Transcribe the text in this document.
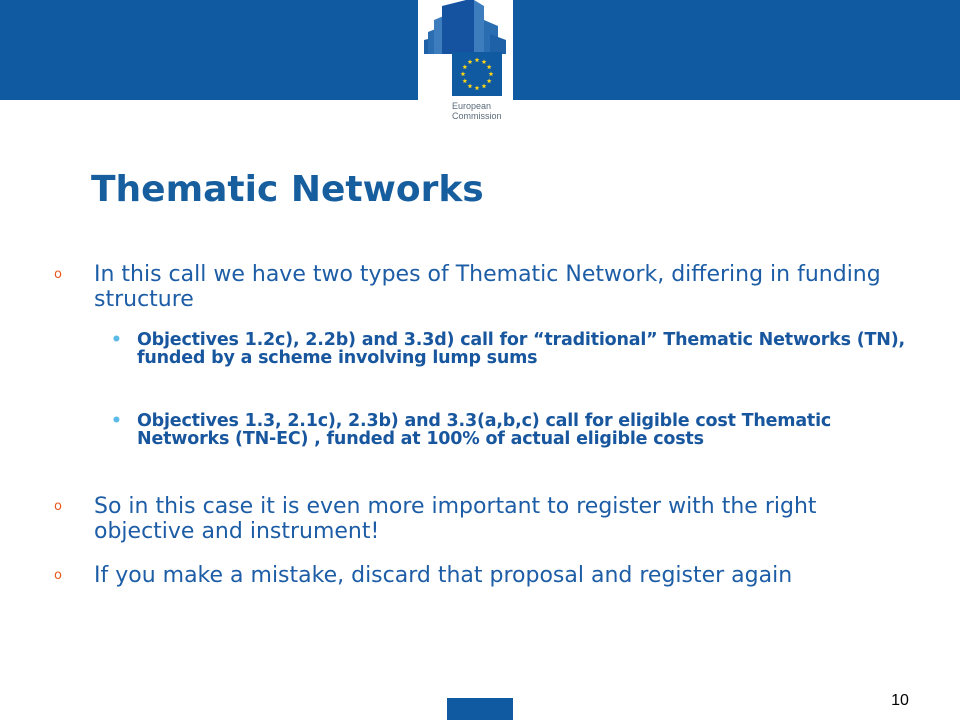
European
Commission
Thematic Networks
o In this call we have two types of Thematic Network, differing in funding structure
• Objectives 1.2c), 2.2b) and 3.3d) call for “traditional” Thematic Networks (TN), funded by a scheme involving lump sums
• Objectives 1.3, 2.1c), 2.3b) and 3.3(a,b,c) call for eligible cost Thematic Networks (TN-EC) , funded at 100% of actual eligible costs
o So in this case it is even more important to register with the right objective and instrument!
o If you make a mistake, discard that proposal and register again
10
